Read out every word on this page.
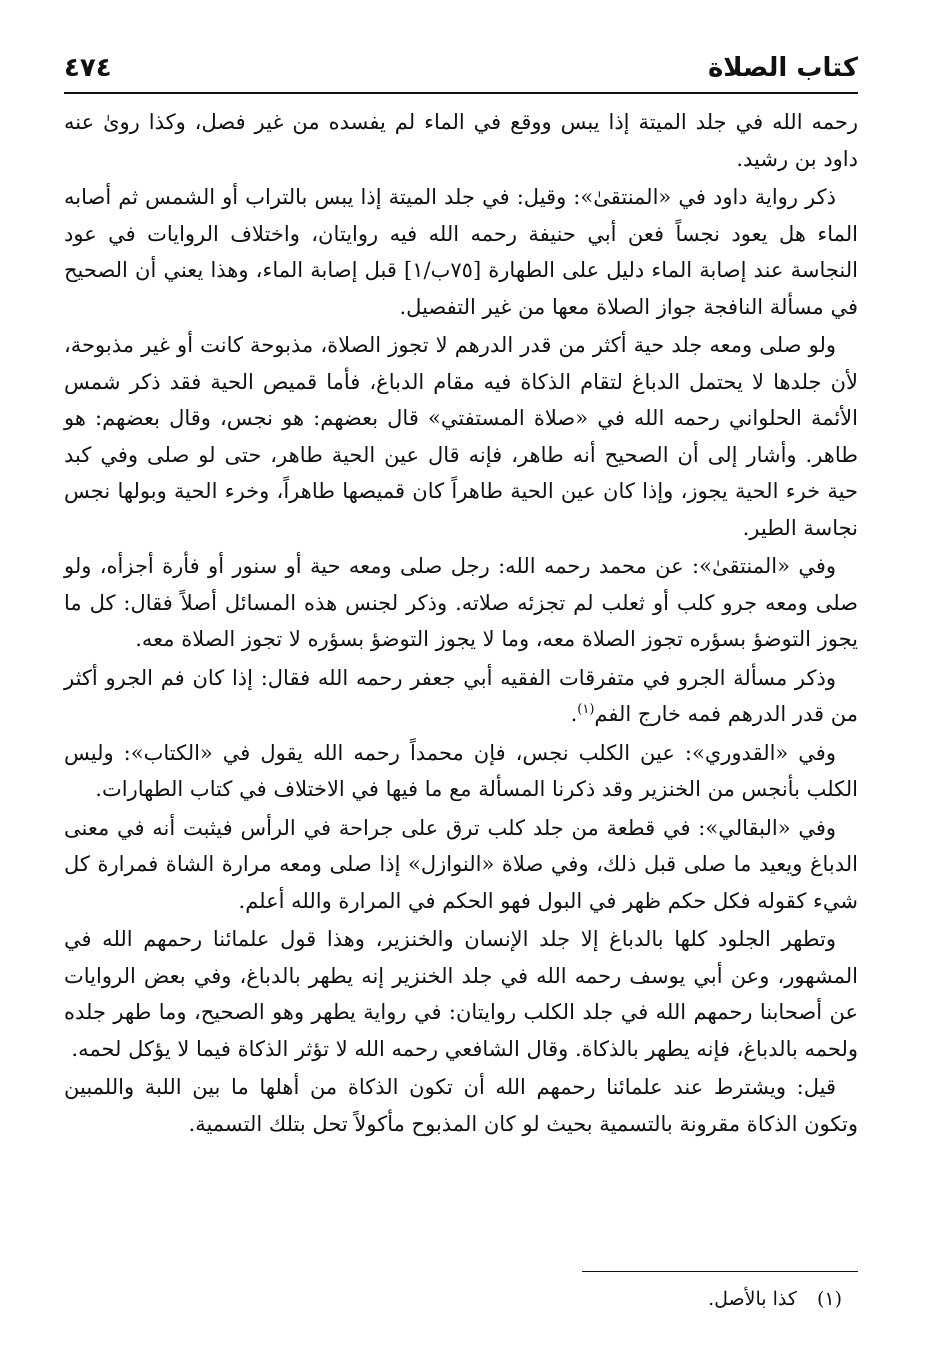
كتاب الصلاة
٤٧٤

رحمه الله في جلد الميتة إذا يبس ووقع في الماء لم يفسده من غير فصل، وكذا روىٰ عنه داود بن رشيد.

ذكر رواية داود في «المنتقىٰ»: وقيل: في جلد الميتة إذا يبس بالتراب أو الشمس ثم أصابه الماء هل يعود نجساً فعن أبي حنيفة رحمه الله فيه روايتان، واختلاف الروايات في عود النجاسة عند إصابة الماء دليل على الطهارة [٧٥ب/١] قبل إصابة الماء، وهذا يعني أن الصحيح في مسألة النافجة جواز الصلاة معها من غير التفصيل.

ولو صلى ومعه جلد حية أكثر من قدر الدرهم لا تجوز الصلاة، مذبوحة كانت أو غير مذبوحة، لأن جلدها لا يحتمل الدباغ لتقام الذكاة فيه مقام الدباغ، فأما قميص الحية فقد ذكر شمس الأئمة الحلواني رحمه الله في «صلاة المستفتي» قال بعضهم: هو نجس، وقال بعضهم: هو طاهر. وأشار إلى أن الصحيح أنه طاهر، فإنه قال عين الحية طاهر، حتى لو صلى وفي كبد حية خرء الحية يجوز، وإذا كان عين الحية طاهراً كان قميصها طاهراً، وخرء الحية وبولها نجس نجاسة الطير.

وفي «المنتقىٰ»: عن محمد رحمه الله: رجل صلى ومعه حية أو سنور أو فأرة أجزأه، ولو صلى ومعه جرو كلب أو ثعلب لم تجزئه صلاته. وذكر لجنس هذه المسائل أصلاً فقال: كل ما يجوز التوضؤ بسؤره تجوز الصلاة معه، وما لا يجوز التوضؤ بسؤره لا تجوز الصلاة معه.

وذكر مسألة الجرو في متفرقات الفقيه أبي جعفر رحمه الله فقال: إذا كان فم الجرو أكثر من قدر الدرهم فمه خارج الفم$^{(١)}$.

وفي «القدوري»: عين الكلب نجس، فإن محمداً رحمه الله يقول في «الكتاب»: وليس الكلب بأنجس من الخنزير وقد ذكرنا المسألة مع ما فيها في الاختلاف في كتاب الطهارات.

وفي «البقالي»: في قطعة من جلد كلب ترق على جراحة في الرأس فيثبت أنه في معنى الدباغ ويعيد ما صلى قبل ذلك، وفي صلاة «النوازل» إذا صلى ومعه مرارة الشاة فمرارة كل شيء كقوله فكل حكم ظهر في البول فهو الحكم في المرارة والله أعلم.

وتطهر الجلود كلها بالدباغ إلا جلد الإنسان والخنزير، وهذا قول علمائنا رحمهم الله في المشهور، وعن أبي يوسف رحمه الله في جلد الخنزير إنه يطهر بالدباغ، وفي بعض الروايات عن أصحابنا رحمهم الله في جلد الكلب روايتان: في رواية يطهر وهو الصحيح، وما طهر جلده ولحمه بالدباغ، فإنه يطهر بالذكاة. وقال الشافعي رحمه الله لا تؤثر الذكاة فيما لا يؤكل لحمه.

قيل: ويشترط عند علمائنا رحمهم الله أن تكون الذكاة من أهلها ما بين اللبة واللمبين وتكون الذكاة مقرونة بالتسمية بحيث لو كان المذبوح مأكولاً تحل بتلك التسمية.

(١) كذا بالأصل.
